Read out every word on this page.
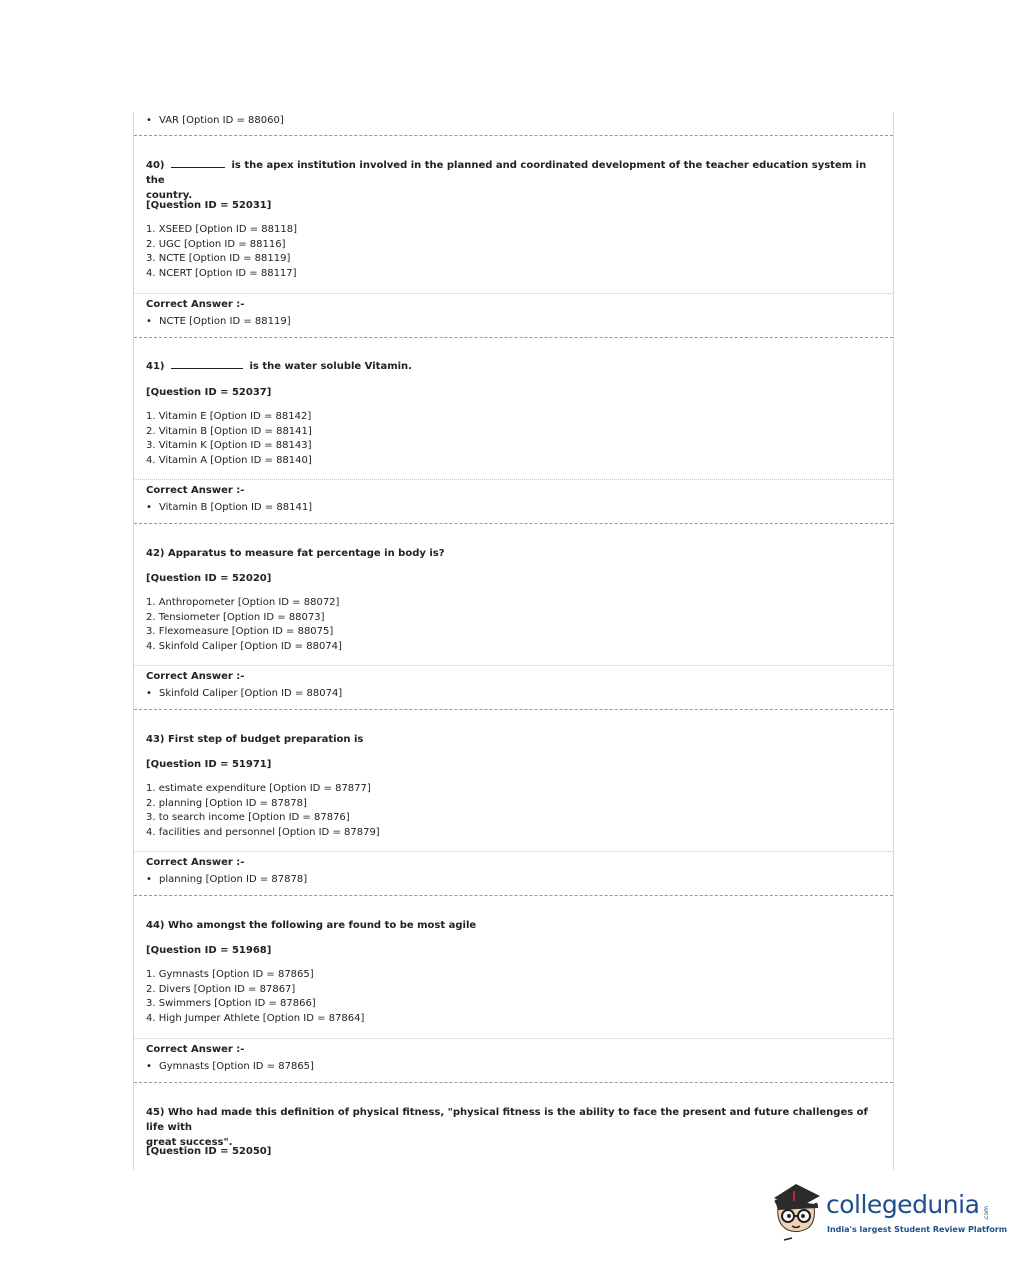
• VAR [Option ID = 88060]
40)	is the apex institution involved in the planned and coordinated development of the teacher education system in the
country.
[Question ID = 52031]
1. XSEED [Option ID = 88118]
2. UGC [Option ID = 88116]
3. NCTE [Option ID = 88119]
4. NCERT [Option ID = 88117]
Correct Answer :-
• NCTE [Option ID = 88119]
41)	is the water soluble Vitamin.
[Question ID = 52037]
1. Vitamin E [Option ID = 88142]
2. Vitamin B [Option ID = 88141]
3. Vitamin K [Option ID = 88143]
4. Vitamin A [Option ID = 88140]
Correct Answer :-
• Vitamin B [Option ID = 88141]
42) Apparatus to measure fat percentage in body is?
[Question ID = 52020]
1. Anthropometer [Option ID = 88072]
2. Tensiometer [Option ID = 88073]
3. Flexomeasure [Option ID = 88075]
4. Skinfold Caliper [Option ID = 88074]
Correct Answer :-
• Skinfold Caliper [Option ID = 88074]
43) First step of budget preparation is
[Question ID = 51971]
1. estimate expenditure [Option ID = 87877]
2. planning [Option ID = 87878]
3. to search income [Option ID = 87876]
4. facilities and personnel [Option ID = 87879]
Correct Answer :-
• planning [Option ID = 87878]
44) Who amongst the following are found to be most agile
[Question ID = 51968]
1. Gymnasts [Option ID = 87865]
2. Divers [Option ID = 87867]
3. Swimmers [Option ID = 87866]
4. High Jumper Athlete [Option ID = 87864]
Correct Answer :-
• Gymnasts [Option ID = 87865]
45) Who had made this definition of physical fitness, "physical fitness is the ability to face the present and future challenges of life with
great success".
[Question ID = 52050]
collegedunia .com
India's largest Student Review Platform
